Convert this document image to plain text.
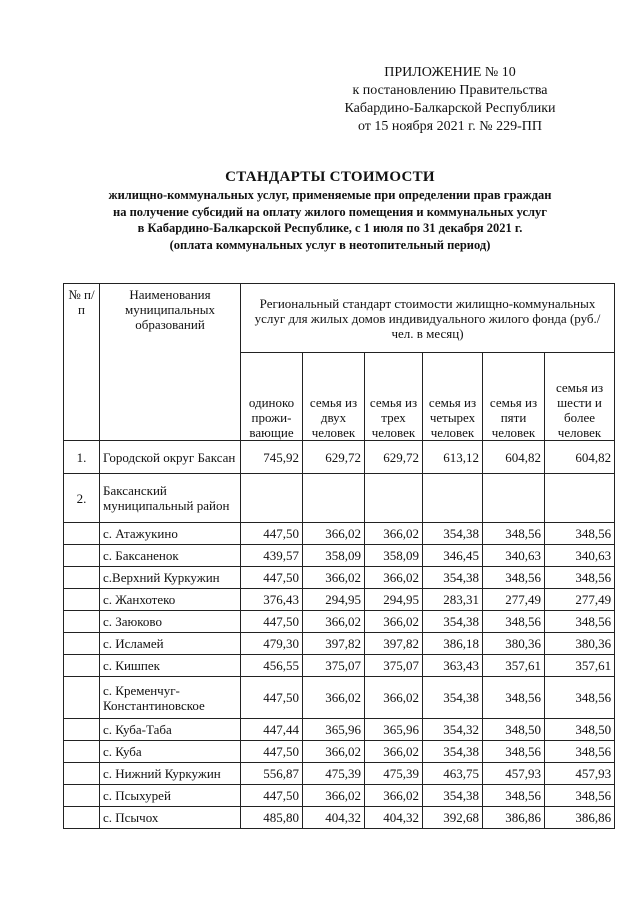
ПРИЛОЖЕНИЕ № 10
к постановлению Правительства
Кабардино-Балкарской Республики
от 15 ноября 2021 г. № 229-ПП
СТАНДАРТЫ СТОИМОСТИ
жилищно-коммунальных услуг, применяемые при определении прав граждан
на получение субсидий на оплату жилого помещения и коммунальных услуг
в Кабардино-Балкарской Республике, с 1 июля по 31 декабря 2021 г.
(оплата коммунальных услуг в неотопительный период)
№ п/п	Наименования муниципальных образований	Региональный стандарт стоимости жилищно-коммунальных услуг для жилых домов индивидуального жилого фонда (руб./чел. в месяц)					
		одиноко прожи-вающие	семья из двух человек	семья из трех человек	семья из четырех человек	семья из пяти человек	семья из шести и более человек
1.	Городской округ Баксан	745,92	629,72	629,72	613,12	604,82	604,82
2.	Баксанский муниципальный район						
	с. Атажукино	447,50	366,02	366,02	354,38	348,56	348,56
	с. Баксаненок	439,57	358,09	358,09	346,45	340,63	340,63
	с.Верхний Куркужин	447,50	366,02	366,02	354,38	348,56	348,56
	с. Жанхотеко	376,43	294,95	294,95	283,31	277,49	277,49
	с. Заюково	447,50	366,02	366,02	354,38	348,56	348,56
	с. Исламей	479,30	397,82	397,82	386,18	380,36	380,36
	с. Кишпек	456,55	375,07	375,07	363,43	357,61	357,61
	с. Кременчуг-Константиновское	447,50	366,02	366,02	354,38	348,56	348,56
	с. Куба-Таба	447,44	365,96	365,96	354,32	348,50	348,50
	с. Куба	447,50	366,02	366,02	354,38	348,56	348,56
	с. Нижний Куркужин	556,87	475,39	475,39	463,75	457,93	457,93
	с. Псыхурей	447,50	366,02	366,02	354,38	348,56	348,56
	с. Псычох	485,80	404,32	404,32	392,68	386,86	386,86
